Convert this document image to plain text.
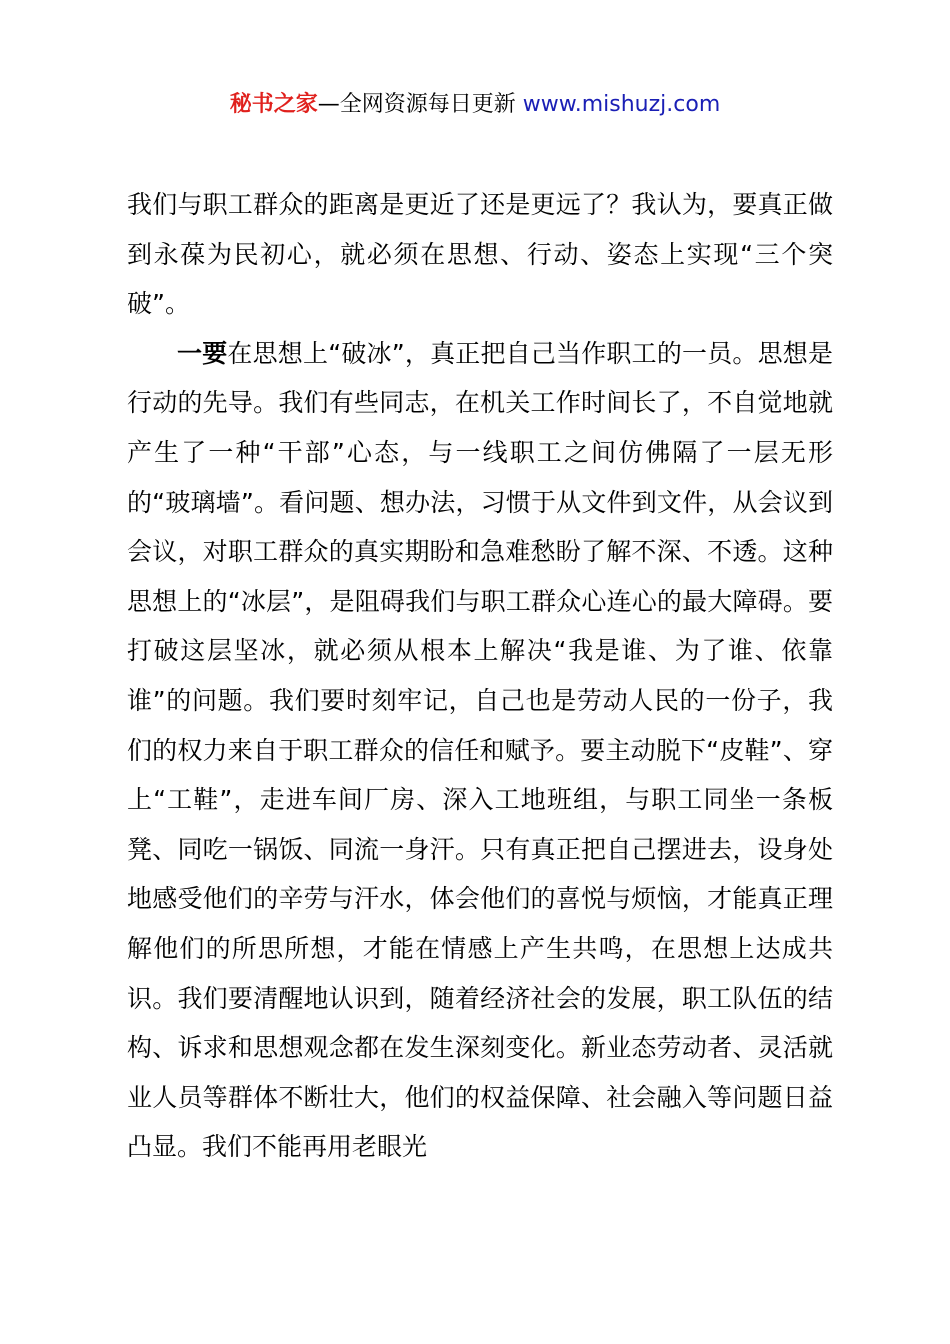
秘书之家—全网资源每日更新 www.mishuzj.com

我们与职工群众的距离是更近了还是更远了？我认为，要真正做到永葆为民初心，就必须在思想、行动、姿态上实现“三个突破”。

一要在思想上“破冰”，真正把自己当作职工的一员。思想是行动的先导。我们有些同志，在机关工作时间长了，不自觉地就产生了一种“干部”心态，与一线职工之间仿佛隔了一层无形的“玻璃墙”。看问题、想办法，习惯于从文件到文件，从会议到会议，对职工群众的真实期盼和急难愁盼了解不深、不透。这种思想上的“冰层”，是阻碍我们与职工群众心连心的最大障碍。要打破这层坚冰，就必须从根本上解决“我是谁、为了谁、依靠谁”的问题。我们要时刻牢记，自己也是劳动人民的一份子，我们的权力来自于职工群众的信任和赋予。要主动脱下“皮鞋”、穿上“工鞋”，走进车间厂房、深入工地班组，与职工同坐一条板凳、同吃一锅饭、同流一身汗。只有真正把自己摆进去，设身处地感受他们的辛劳与汗水，体会他们的喜悦与烦恼，才能真正理解他们的所思所想，才能在情感上产生共鸣，在思想上达成共识。我们要清醒地认识到，随着经济社会的发展，职工队伍的结构、诉求和思想观念都在发生深刻变化。新业态劳动者、灵活就业人员等群体不断壮大，他们的权益保障、社会融入等问题日益凸显。我们不能再用老眼光
